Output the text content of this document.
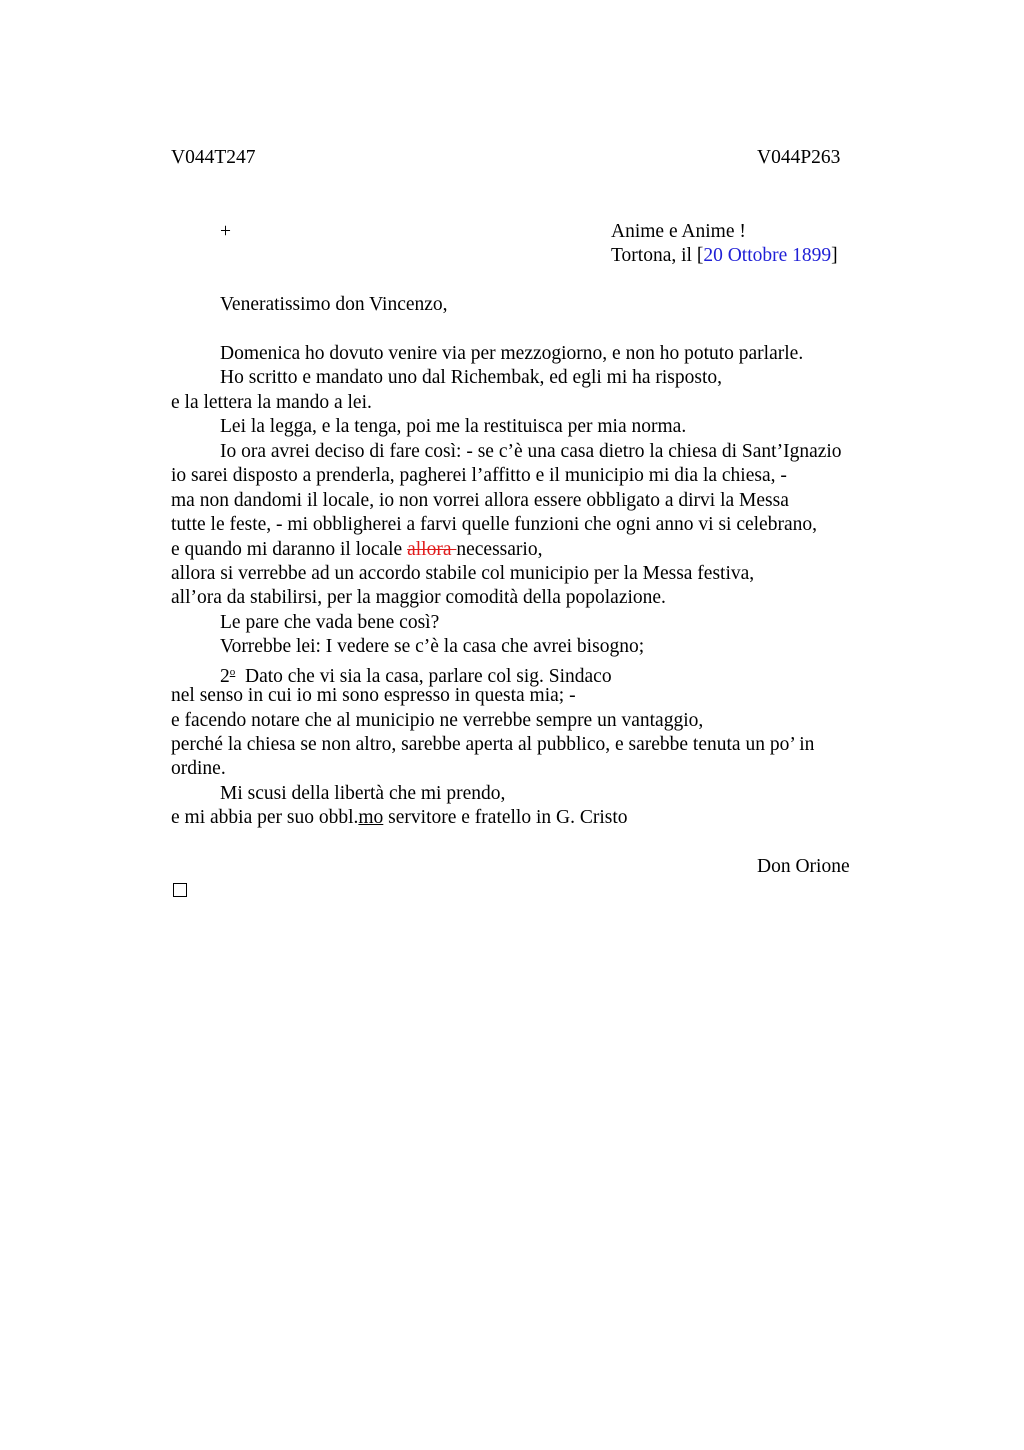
V044T247	V044P263
+	Anime e Anime !
Tortona, il [20 Ottobre 1899]
Veneratissimo don Vincenzo,
Domenica ho dovuto venire via per mezzogiorno, e non ho potuto parlarle.
Ho scritto e mandato uno dal Richembak, ed egli mi ha risposto,
e la lettera la mando a lei.
Lei la legga, e la tenga, poi me la restituisca per mia norma.
Io ora avrei deciso di fare così: - se c’è una casa dietro la chiesa di Sant’Ignazio
io sarei disposto a prenderla, pagherei l’affitto e il municipio mi dia la chiesa, -
ma non dandomi il locale, io non vorrei allora essere obbligato a dirvi la Messa
tutte le feste, - mi obbligherei a farvi quelle funzioni che ogni anno vi si celebrano,
e quando mi daranno il locale allora necessario,
allora si verrebbe ad un accordo stabile col municipio per la Messa festiva,
all’ora da stabilirsi, per la maggior comodità della popolazione.
Le pare che vada bene così?
Vorrebbe lei: I vedere se c’è la casa che avrei bisogno;
2$^o$  Dato che vi sia la casa, parlare col sig. Sindaco
nel senso in cui io mi sono espresso in questa mia; -
e facendo notare che al municipio ne verrebbe sempre un vantaggio,
perché la chiesa se non altro, sarebbe aperta al pubblico, e sarebbe tenuta un po’ in
ordine.
Mi scusi della libertà che mi prendo,
e mi abbia per suo obbl.mo servitore e fratello in G. Cristo
Don Orione
